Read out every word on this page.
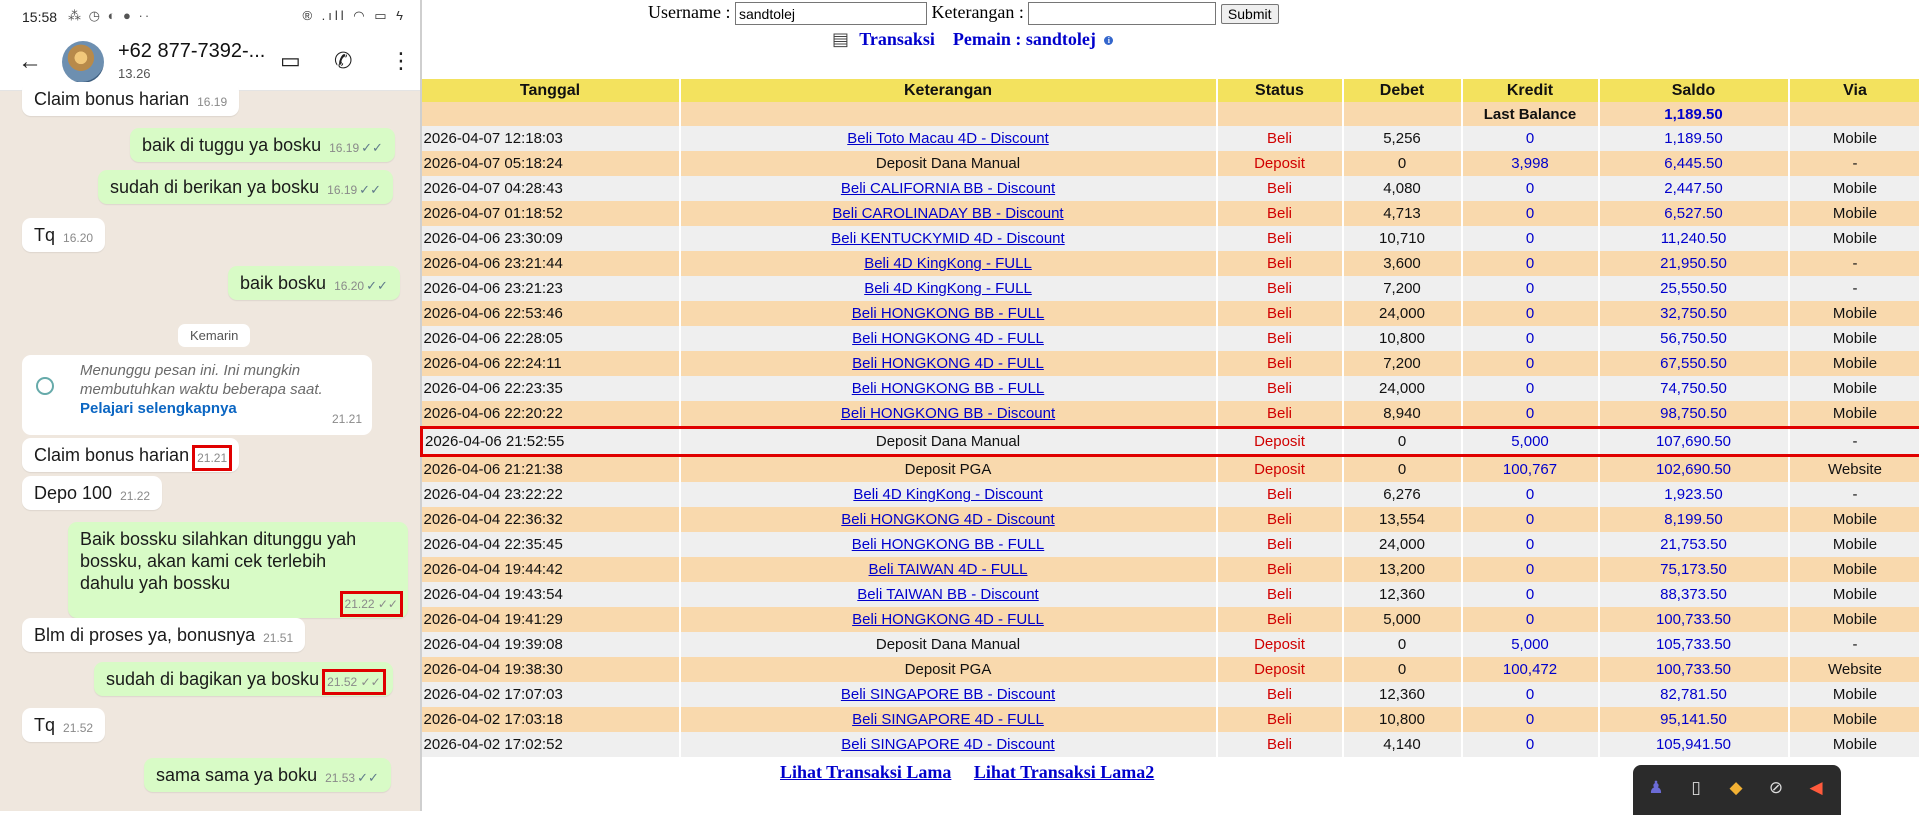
15:58 ⁂ ◷ ◐ ● ··	® .ıll ◠ ▭ ϟ
←	+62 877-7392-...
13.26
▭ ✆ ⋮
Claim bonus harian 16.19
baik di tuggu ya bosku 16.19 ✓✓
sudah di berikan ya bosku 16.19 ✓✓
Tq 16.20
baik bosku 16.20 ✓✓
Kemarin
Menunggu pesan ini. Ini mungkin membutuhkan waktu beberapa saat. Pelajari selengkapnya
21.21
Claim bonus harian 21.21
Depo 100 21.22
Baik bossku silahkan ditunggu yah
bossku, akan kami cek terlebih
dahulu yah bossku
21.22 ✓✓
Blm di proses ya, bonusnya 21.51
sudah di bagikan ya bosku 21.52 ✓✓
Tq 21.52
sama sama ya boku 21.53 ✓✓
Username : sandtolej	Keterangan :	Submit
▤ Transaksi Pemain : sandtolej i
Tanggal	Keterangan	Status	Debet	Kredit	Saldo	Via
				Last Balance	1,189.50	
2026-04-07 12:18:03	Beli Toto Macau 4D - Discount	Beli	5,256	0	1,189.50	Mobile
2026-04-07 05:18:24	Deposit Dana Manual	Deposit	0	3,998	6,445.50	-
2026-04-07 04:28:43	Beli CALIFORNIA BB - Discount	Beli	4,080	0	2,447.50	Mobile
2026-04-07 01:18:52	Beli CAROLINADAY BB - Discount	Beli	4,713	0	6,527.50	Mobile
2026-04-06 23:30:09	Beli KENTUCKYMID 4D - Discount	Beli	10,710	0	11,240.50	Mobile
2026-04-06 23:21:44	Beli 4D KingKong - FULL	Beli	3,600	0	21,950.50	-
2026-04-06 23:21:23	Beli 4D KingKong - FULL	Beli	7,200	0	25,550.50	-
2026-04-06 22:53:46	Beli HONGKONG BB - FULL	Beli	24,000	0	32,750.50	Mobile
2026-04-06 22:28:05	Beli HONGKONG 4D - FULL	Beli	10,800	0	56,750.50	Mobile
2026-04-06 22:24:11	Beli HONGKONG 4D - FULL	Beli	7,200	0	67,550.50	Mobile
2026-04-06 22:23:35	Beli HONGKONG BB - FULL	Beli	24,000	0	74,750.50	Mobile
2026-04-06 22:20:22	Beli HONGKONG BB - Discount	Beli	8,940	0	98,750.50	Mobile
2026-04-06 21:52:55	Deposit Dana Manual	Deposit	0	5,000	107,690.50	-
2026-04-06 21:21:38	Deposit PGA	Deposit	0	100,767	102,690.50	Website
2026-04-04 23:22:22	Beli 4D KingKong - Discount	Beli	6,276	0	1,923.50	-
2026-04-04 22:36:32	Beli HONGKONG 4D - Discount	Beli	13,554	0	8,199.50	Mobile
2026-04-04 22:35:45	Beli HONGKONG BB - FULL	Beli	24,000	0	21,753.50	Mobile
2026-04-04 19:44:42	Beli TAIWAN 4D - FULL	Beli	13,200	0	75,173.50	Mobile
2026-04-04 19:43:54	Beli TAIWAN BB - Discount	Beli	12,360	0	88,373.50	Mobile
2026-04-04 19:41:29	Beli HONGKONG 4D - FULL	Beli	5,000	0	100,733.50	Mobile
2026-04-04 19:39:08	Deposit Dana Manual	Deposit	0	5,000	105,733.50	-
2026-04-04 19:38:30	Deposit PGA	Deposit	0	100,472	100,733.50	Website
2026-04-02 17:07:03	Beli SINGAPORE BB - Discount	Beli	12,360	0	82,781.50	Mobile
2026-04-02 17:03:18	Beli SINGAPORE 4D - FULL	Beli	10,800	0	95,141.50	Mobile
2026-04-02 17:02:52	Beli SINGAPORE 4D - Discount	Beli	4,140	0	105,941.50	Mobile
Lihat Transaksi Lama Lihat Transaksi Lama2
♟	▯	◆ ⊘ ◀
